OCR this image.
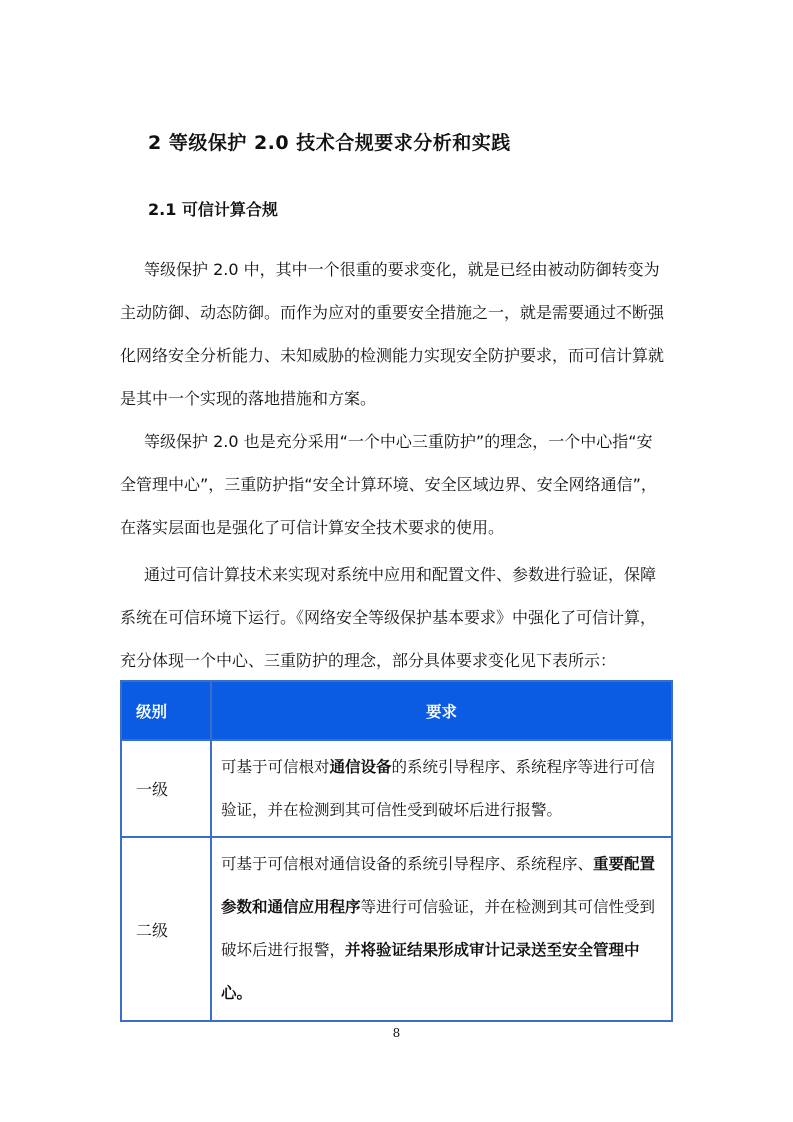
2 等级保护 2.0 技术合规要求分析和实践
2.1 可信计算合规
等级保护 2.0 中，其中一个很重的要求变化，就是已经由被动防御转变为
主动防御、动态防御。而作为应对的重要安全措施之一，就是需要通过不断强
化网络安全分析能力、未知威胁的检测能力实现安全防护要求，而可信计算就
是其中一个实现的落地措施和方案。
等级保护 2.0 也是充分采用“一个中心三重防护”的理念，一个中心指“安
全管理中心”，三重防护指“安全计算环境、安全区域边界、安全网络通信”，
在落实层面也是强化了可信计算安全技术要求的使用。
通过可信计算技术来实现对系统中应用和配置文件、参数进行验证，保障
系统在可信环境下运行。《网络安全等级保护基本要求》中强化了可信计算，
充分体现一个中心、三重防护的理念，部分具体要求变化见下表所示：
级别	要求
一级	可基于可信根对通信设备的系统引导程序、系统程序等进行可信
验证，并在检测到其可信性受到破坏后进行报警。

二级	可基于可信根对通信设备的系统引导程序、系统程序、重要配置
参数和通信应用程序等进行可信验证，并在检测到其可信性受到
破坏后进行报警，并将验证结果形成审计记录送至安全管理中
心。
8
